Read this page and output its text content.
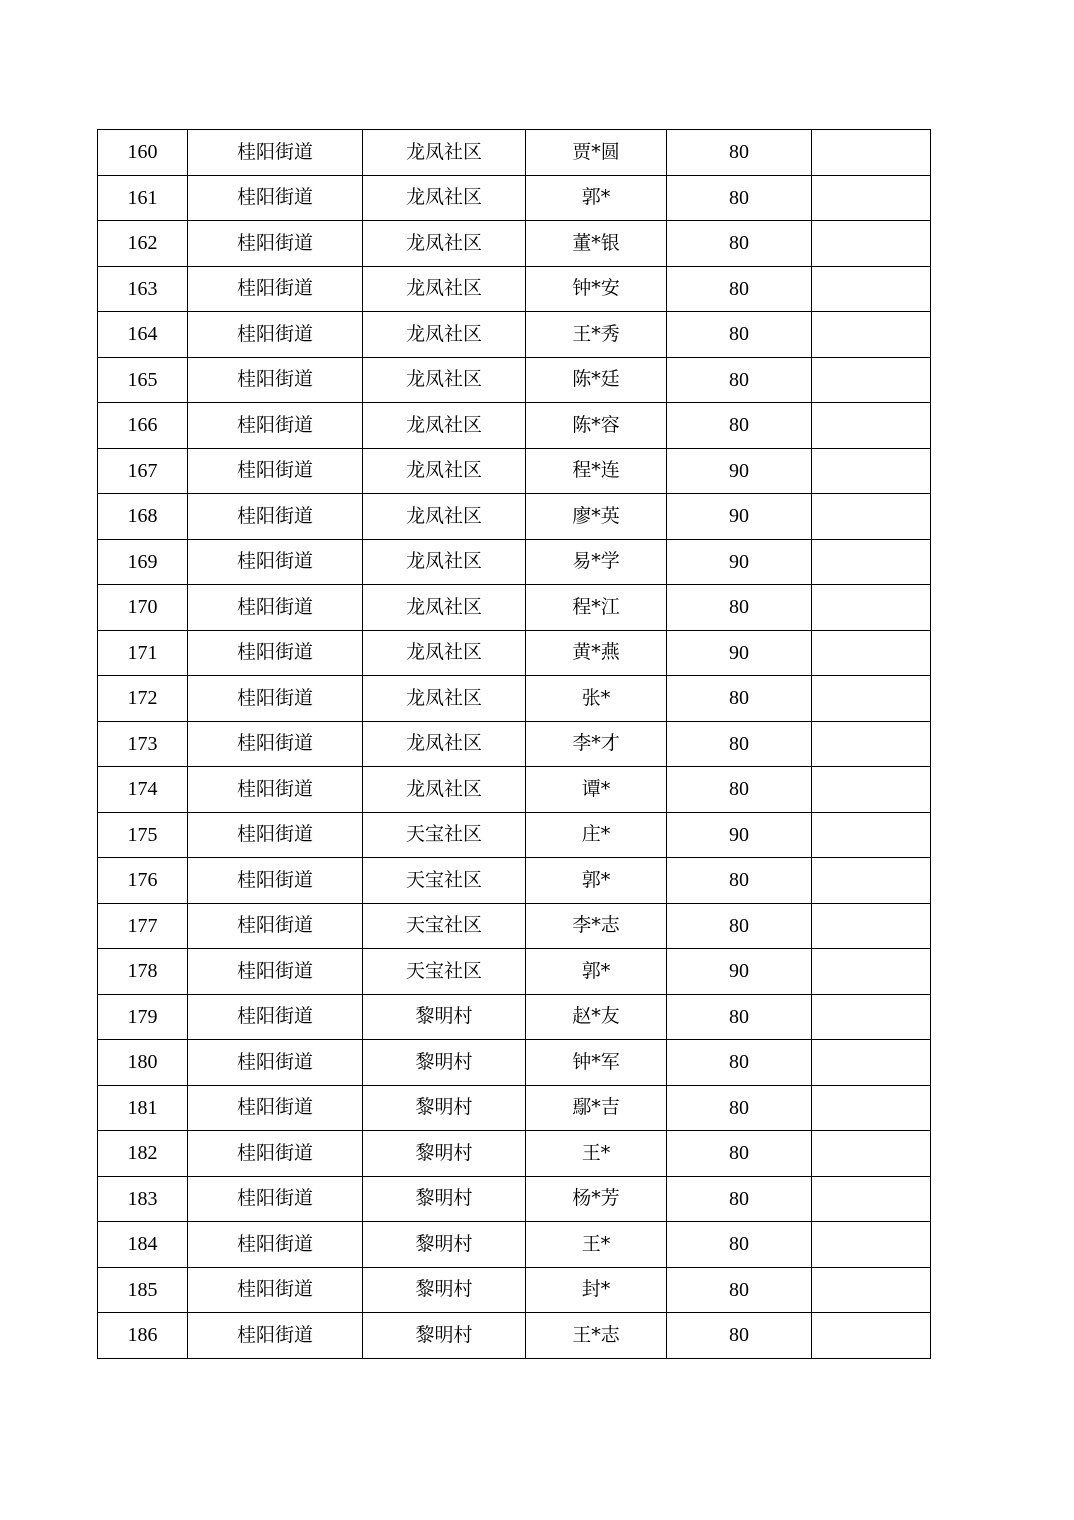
160	桂阳街道	龙凤社区	贾*圆	80	
161	桂阳街道	龙凤社区	郭*	80	
162	桂阳街道	龙凤社区	董*银	80	
163	桂阳街道	龙凤社区	钟*安	80	
164	桂阳街道	龙凤社区	王*秀	80	
165	桂阳街道	龙凤社区	陈*廷	80	
166	桂阳街道	龙凤社区	陈*容	80	
167	桂阳街道	龙凤社区	程*连	90	
168	桂阳街道	龙凤社区	廖*英	90	
169	桂阳街道	龙凤社区	易*学	90	
170	桂阳街道	龙凤社区	程*江	80	
171	桂阳街道	龙凤社区	黄*燕	90	
172	桂阳街道	龙凤社区	张*	80	
173	桂阳街道	龙凤社区	李*才	80	
174	桂阳街道	龙凤社区	谭*	80	
175	桂阳街道	天宝社区	庄*	90	
176	桂阳街道	天宝社区	郭*	80	
177	桂阳街道	天宝社区	李*志	80	
178	桂阳街道	天宝社区	郭*	90	
179	桂阳街道	黎明村	赵*友	80	
180	桂阳街道	黎明村	钟*军	80	
181	桂阳街道	黎明村	鄢*吉	80	
182	桂阳街道	黎明村	王*	80	
183	桂阳街道	黎明村	杨*芳	80	
184	桂阳街道	黎明村	王*	80	
185	桂阳街道	黎明村	封*	80	
186	桂阳街道	黎明村	王*志	80	
